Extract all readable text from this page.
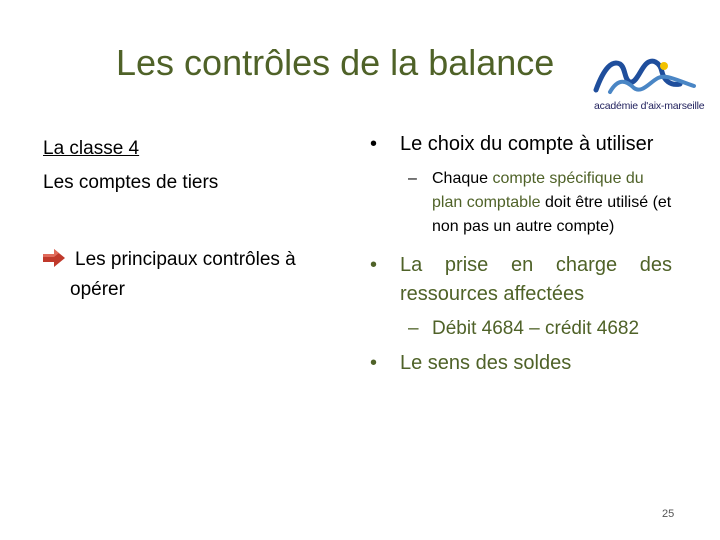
Les contrôles de la balance
académie d'aix-marseille
La classe 4
Les comptes de tiers
Les principaux contrôles à
opérer
• Le choix du compte à utiliser
– Chaque compte spécifique du plan comptable doit être utilisé (et non pas un autre compte)
• La prise en charge des ressources affectées
– Débit 4684 – crédit 4682
• Le sens des soldes
25
